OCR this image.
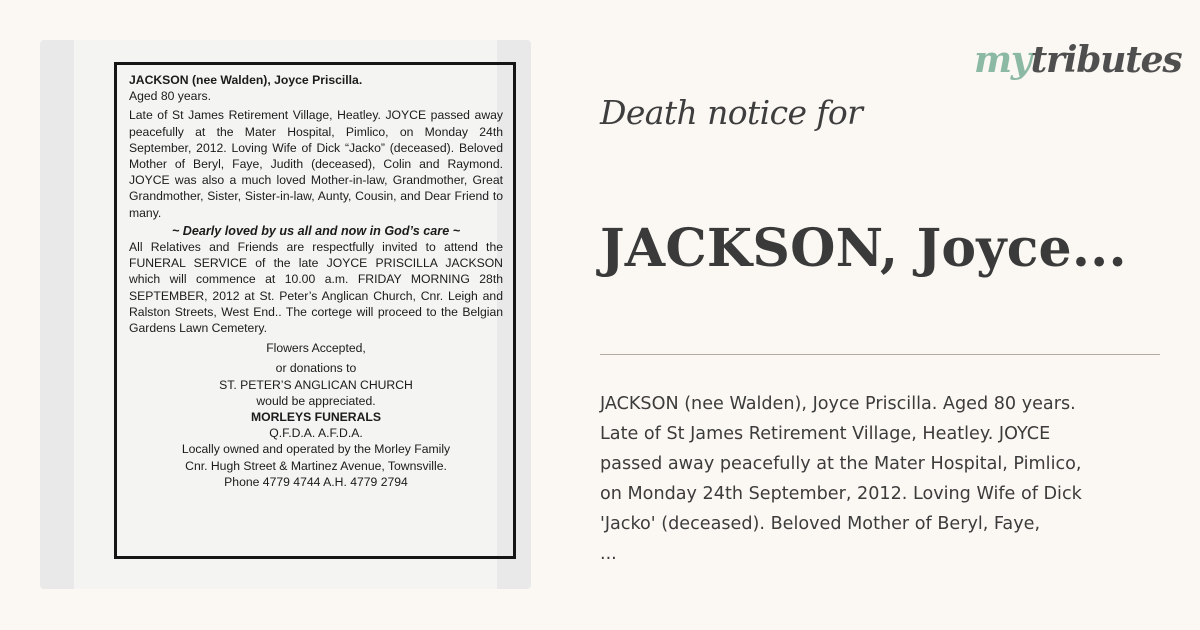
JACKSON (nee Walden), Joyce Priscilla.

Aged 80 years.

Late of St James Retirement Village, Heatley. JOYCE passed away peacefully at the Mater Hospital, Pimlico, on Monday 24th September, 2012. Loving Wife of Dick “Jacko” (deceased). Beloved Mother of Beryl, Faye, Judith (deceased), Colin and Raymond. JOYCE was also a much loved Mother-in-law, Grandmother, Great Grandmother, Sister, Sister-in-law, Aunty, Cousin, and Dear Friend to many.

~ Dearly loved by us all and now in God’s care ~

All Relatives and Friends are respectfully invited to attend the FUNERAL SERVICE of the late JOYCE PRISCILLA JACKSON which will commence at 10.00 a.m. FRIDAY MORNING 28th SEPTEMBER, 2012 at St. Peter’s Anglican Church, Cnr. Leigh and Ralston Streets, West End.. The cortege will proceed to the Belgian Gardens Lawn Cemetery.

Flowers Accepted,

or donations to

ST. PETER’S ANGLICAN CHURCH

would be appreciated.

MORLEYS FUNERALS

Q.F.D.A. A.F.D.A.

Locally owned and operated by the Morley Family

Cnr. Hugh Street & Martinez Avenue, Townsville.

Phone 4779 4744 A.H. 4779 2794

mytributes
Death notice for
JACKSON, Joyce...

JACKSON (nee Walden), Joyce Priscilla. Aged 80 years.

Late of St James Retirement Village, Heatley. JOYCE

passed away peacefully at the Mater Hospital, Pimlico,

on Monday 24th September, 2012. Loving Wife of Dick

'Jacko' (deceased). Beloved Mother of Beryl, Faye,

...
